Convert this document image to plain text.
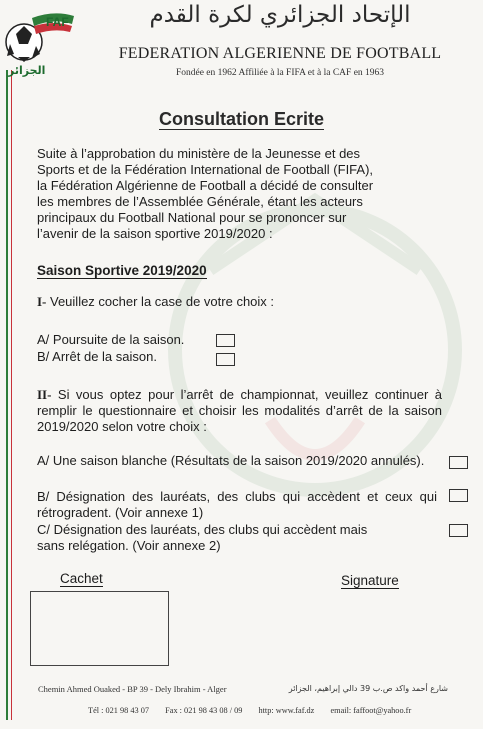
FAF
الجزائر
الإتحاد الجزائري لكرة القدم
FEDERATION ALGERIENNE DE FOOTBALL
Fondée en 1962 Affiliée à la FIFA et à la CAF en 1963
Consultation Ecrite

Suite à l’approbation du ministère de la Jeunesse et des

Sports et de la Fédération International de Football (FIFA),

la Fédération Algérienne de Football a décidé de consulter

les membres de l’Assemblée Générale, étant les acteurs

principaux du Football National pour se prononcer sur

l’avenir de la saison sportive 2019/2020 :

Saison Sportive 2019/2020
I- Veuillez cocher la case de votre choix :
A/ Poursuite de la saison.
B/ Arrêt de la saison.
II- Si vous optez pour l’arrêt de championnat, veuillez continuer à remplir le questionnaire et choisir les modalités d’arrêt de la saison 2019/2020 selon votre choix :
A/ Une saison blanche (Résultats de la saison 2019/2020 annulés).
B/ Désignation des lauréats, des clubs qui accèdent et ceux qui rétrogradent. (Voir annexe 1)
C/ Désignation des lauréats, des clubs qui accèdent mais
sans relégation. (Voir annexe 2)
Cachet	Signature
Chemin Ahmed Ouaked - BP 39 - Dely Ibrahim - Alger	شارع أحمد واكد ص.ب 39 دالي إبراهيم، الجزائر
Tél : 021 98 43 07 Fax : 021 98 43 08 / 09 http: www.faf.dz email: faffoot@yahoo.fr
